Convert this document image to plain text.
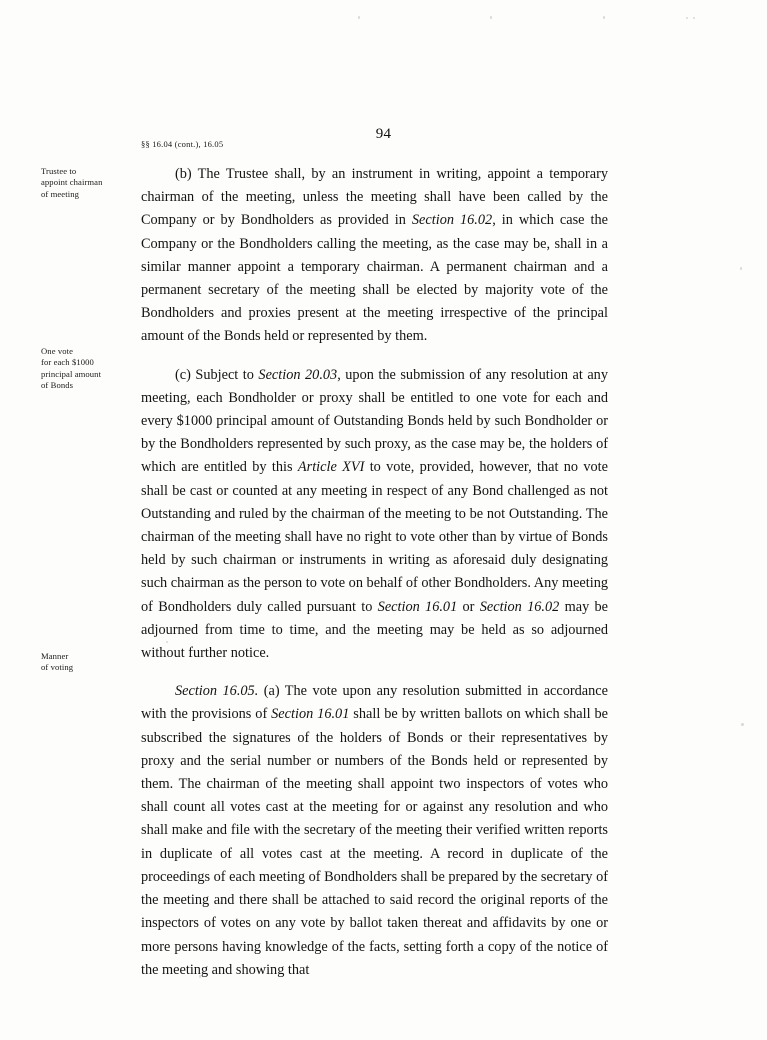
94
§§ 16.04 (cont.), 16.05
Trustee to
appoint chairman
of meeting
One vote
for each $1000
principal amount
of Bonds
Manner
of voting

(b) The Trustee shall, by an instrument in writing, appoint a temporary chairman of the meeting, unless the meeting shall have been called by the Company or by Bondholders as provided in Section 16.02, in which case the Company or the Bondholders calling the meeting, as the case may be, shall in a similar manner appoint a temporary chairman. A permanent chairman and a permanent secretary of the meeting shall be elected by majority vote of the Bondholders and proxies present at the meeting irrespective of the principal amount of the Bonds held or represented by them.

(c) Subject to Section 20.03, upon the submission of any resolution at any meeting, each Bondholder or proxy shall be entitled to one vote for each and every $1000 principal amount of Outstanding Bonds held by such Bondholder or by the Bondholders represented by such proxy, as the case may be, the holders of which are entitled by this Article XVI to vote, provided, however, that no vote shall be cast or counted at any meeting in respect of any Bond challenged as not Outstanding and ruled by the chairman of the meeting to be not Outstanding. The chairman of the meeting shall have no right to vote other than by virtue of Bonds held by such chairman or instruments in writing as aforesaid duly designating such chairman as the person to vote on behalf of other Bondholders. Any meeting of Bondholders duly called pursuant to Section 16.01 or Section 16.02 may be adjourned from time to time, and the meeting may be held as so adjourned without further notice.

Section 16.05. (a) The vote upon any resolution submitted in accordance with the provisions of Section 16.01 shall be by written ballots on which shall be subscribed the signatures of the holders of Bonds or their representatives by proxy and the serial number or numbers of the Bonds held or represented by them. The chairman of the meeting shall appoint two inspectors of votes who shall count all votes cast at the meeting for or against any resolution and who shall make and file with the secretary of the meeting their verified written reports in duplicate of all votes cast at the meeting. A record in duplicate of the proceedings of each meeting of Bondholders shall be prepared by the secretary of the meeting and there shall be attached to said record the original reports of the inspectors of votes on any vote by ballot taken thereat and affidavits by one or more persons having knowledge of the facts, setting forth a copy of the notice of the meeting and showing that
